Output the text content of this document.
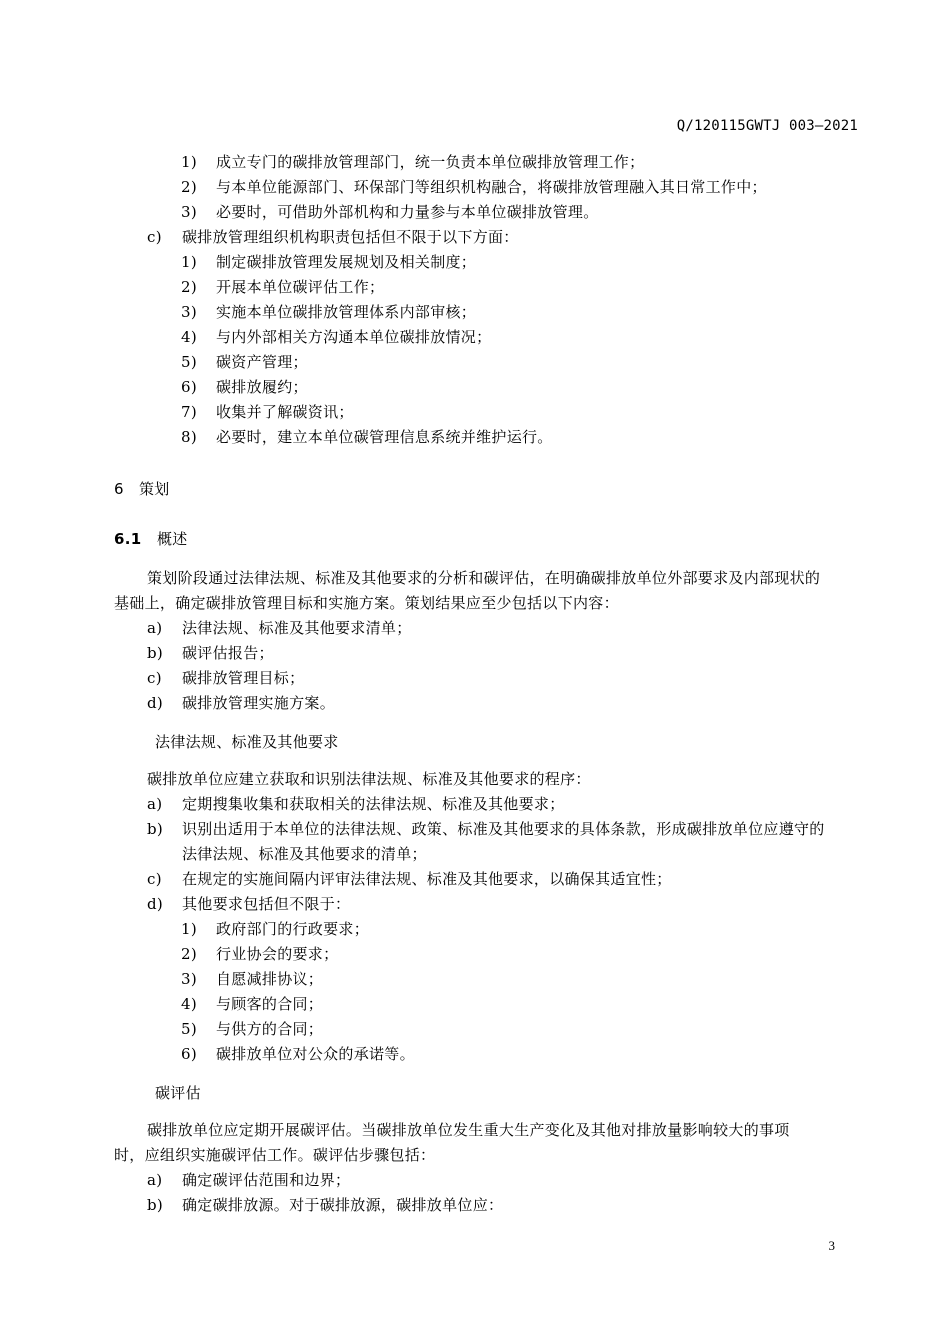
Q/120115GWTJ 003—2021
1) 成立专门的碳排放管理部门，统一负责本单位碳排放管理工作；
2) 与本单位能源部门、环保部门等组织机构融合，将碳排放管理融入其日常工作中；
3) 必要时，可借助外部机构和力量参与本单位碳排放管理。
c) 碳排放管理组织机构职责包括但不限于以下方面：
1) 制定碳排放管理发展规划及相关制度；
2) 开展本单位碳评估工作；
3) 实施本单位碳排放管理体系内部审核；
4) 与内外部相关方沟通本单位碳排放情况；
5) 碳资产管理；
6) 碳排放履约；
7) 收集并了解碳资讯；
8) 必要时，建立本单位碳管理信息系统并维护运行。
6 策划
6.1 概述
策划阶段通过法律法规、标准及其他要求的分析和碳评估，在明确碳排放单位外部要求及内部现状的
基础上，确定碳排放管理目标和实施方案。策划结果应至少包括以下内容：
a) 法律法规、标准及其他要求清单；
b) 碳评估报告；
c) 碳排放管理目标；
d) 碳排放管理实施方案。
法律法规、标准及其他要求
碳排放单位应建立获取和识别法律法规、标准及其他要求的程序：
a) 定期搜集收集和获取相关的法律法规、标准及其他要求；
b) 识别出适用于本单位的法律法规、政策、标准及其他要求的具体条款，形成碳排放单位应遵守的
法律法规、标准及其他要求的清单；
c) 在规定的实施间隔内评审法律法规、标准及其他要求，以确保其适宜性；
d) 其他要求包括但不限于：
1) 政府部门的行政要求；
2) 行业协会的要求；
3) 自愿减排协议；
4) 与顾客的合同；
5) 与供方的合同；
6) 碳排放单位对公众的承诺等。
碳评估
碳排放单位应定期开展碳评估。当碳排放单位发生重大生产变化及其他对排放量影响较大的事项
时，应组织实施碳评估工作。碳评估步骤包括：
a) 确定碳评估范围和边界；
b) 确定碳排放源。对于碳排放源，碳排放单位应：
3
